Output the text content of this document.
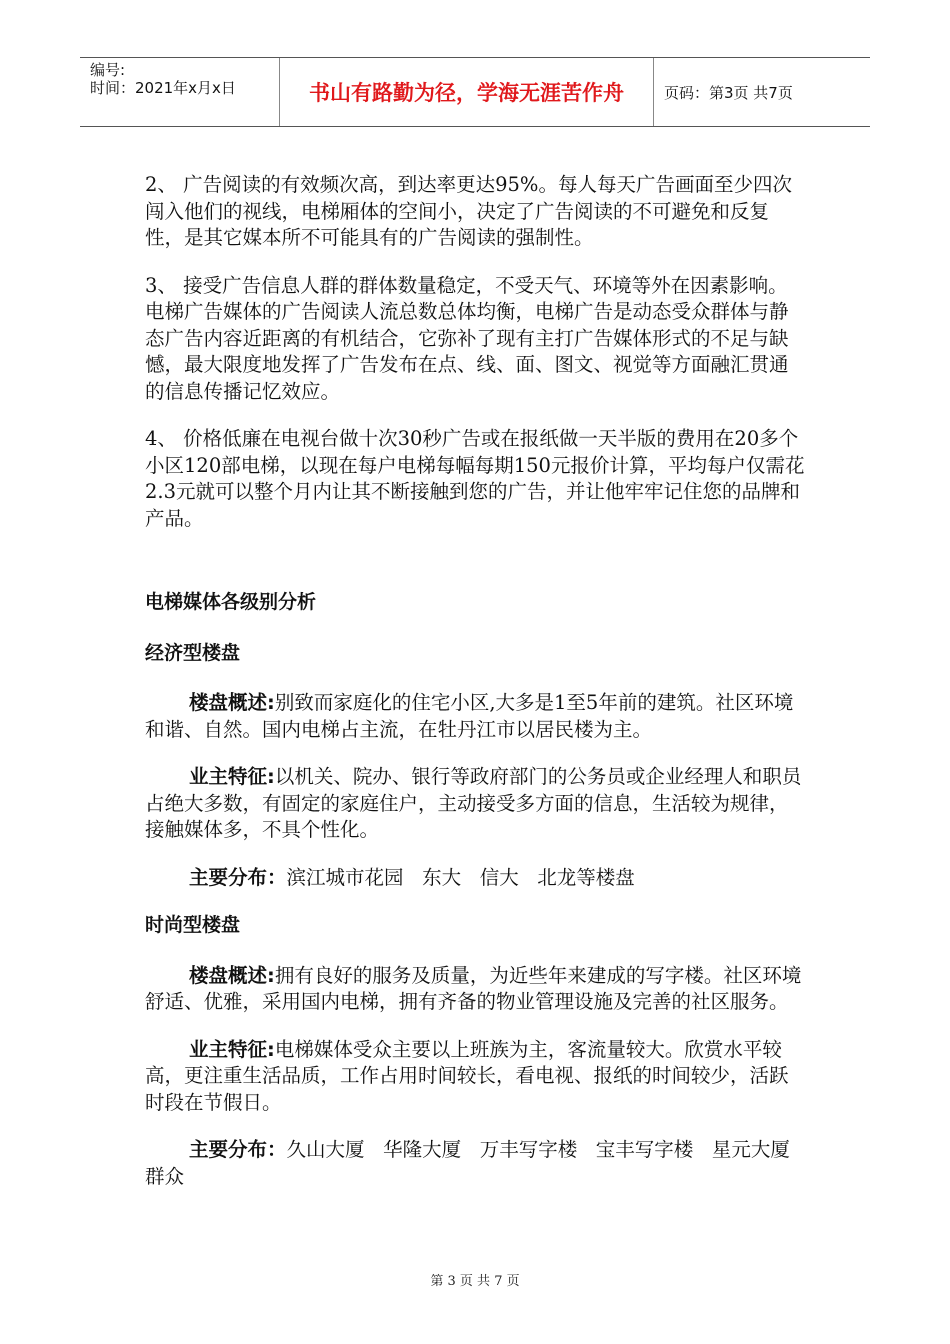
编号:
时间：2021年x月x日	书山有路勤为径，学海无涯苦作舟	页码：第3页 共7页

2、 广告阅读的有效频次高，到达率更达95%。每人每天广告画面至少四次闯入他们的视线，电梯厢体的空间小，决定了广告阅读的不可避免和反复性，是其它媒本所不可能具有的广告阅读的强制性。

3、 接受广告信息人群的群体数量稳定，不受天气、环境等外在因素影响。电梯广告媒体的广告阅读人流总数总体均衡，电梯广告是动态受众群体与静态广告内容近距离的有机结合，它弥补了现有主打广告媒体形式的不足与缺憾，最大限度地发挥了广告发布在点、线、面、图文、视觉等方面融汇贯通的信息传播记忆效应。

4、 价格低廉在电视台做十次30秒广告或在报纸做一天半版的费用在20多个小区120部电梯，以现在每户电梯每幅每期150元报价计算，平均每户仅需花2.3元就可以整个月内让其不断接触到您的广告，并让他牢牢记住您的品牌和产品。

电梯媒体各级别分析

经济型楼盘

楼盘概述:别致而家庭化的住宅小区,大多是1至5年前的建筑。社区环境和谐、自然。国内电梯占主流，在牡丹江市以居民楼为主。

业主特征:以机关、院办、银行等政府部门的公务员或企业经理人和职员占绝大多数，有固定的家庭住户，主动接受多方面的信息，生活较为规律，接触媒体多，不具个性化。

主要分布：滨江城市花园   东大   信大   北龙等楼盘

时尚型楼盘

楼盘概述:拥有良好的服务及质量，为近些年来建成的写字楼。社区环境舒适、优雅，采用国内电梯，拥有齐备的物业管理设施及完善的社区服务。

业主特征:电梯媒体受众主要以上班族为主，客流量较大。欣赏水平较高，更注重生活品质，工作占用时间较长，看电视、报纸的时间较少，活跃时段在节假日。

主要分布：久山大厦   华隆大厦   万丰写字楼   宝丰写字楼   星元大厦   群众

第 3 页 共 7 页
